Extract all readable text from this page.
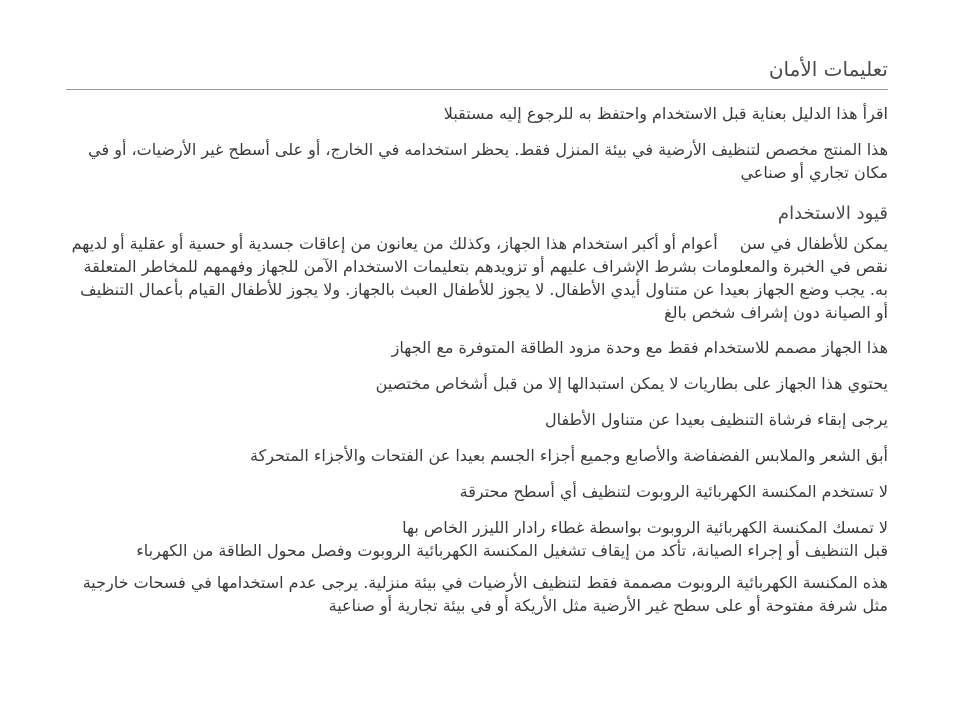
تعليمات الأمان

اقرأ هذا الدليل بعناية قبل الاستخدام واحتفظ به للرجوع إليه مستقبلا

هذا المنتج مخصص لتنظيف الأرضية في بيئة المنزل فقط. يحظر استخدامه في الخارج، أو على أسطح غير الأرضيات، أو في مكان تجاري أو صناعي

قيود الاستخدام

يمكن للأطفال في سنأعوام أو أكبر استخدام هذا الجهاز، وكذلك من يعانون من إعاقات جسدية أو حسية أو عقلية أو لديهم نقص في الخبرة والمعلومات بشرط الإشراف عليهم أو تزويدهم بتعليمات الاستخدام الآمن للجهاز وفهمهم للمخاطر المتعلقة به. يجب وضع الجهاز بعيدا عن متناول أيدي الأطفال. لا يجوز للأطفال العبث بالجهاز. ولا يجوز للأطفال القيام بأعمال التنظيف أو الصيانة دون إشراف شخص بالغ

هذا الجهاز مصمم للاستخدام فقط مع وحدة مزود الطاقة المتوفرة مع الجهاز

يحتوي هذا الجهاز على بطاريات لا يمكن استبدالها إلا من قبل أشخاص مختصين

يرجى إبقاء فرشاة التنظيف بعيدا عن متناول الأطفال

أبق الشعر والملابس الفضفاضة والأصابع وجميع أجزاء الجسم بعيدا عن الفتحات والأجزاء المتحركة

لا تستخدم المكنسة الكهربائية الروبوت لتنظيف أي أسطح محترقة

لا تمسك المكنسة الكهربائية الروبوت بواسطة غطاء رادار الليزر الخاص بها

قبل التنظيف أو إجراء الصيانة، تأكد من إيقاف تشغيل المكنسة الكهربائية الروبوت وفصل محول الطاقة من الكهرباء

هذه المكنسة الكهربائية الروبوت مصممة فقط لتنظيف الأرضيات في بيئة منزلية. يرجى عدم استخدامها في فسحات خارجية مثل شرفة مفتوحة أو على سطح غير الأرضية مثل الأريكة أو في بيئة تجارية أو صناعية
